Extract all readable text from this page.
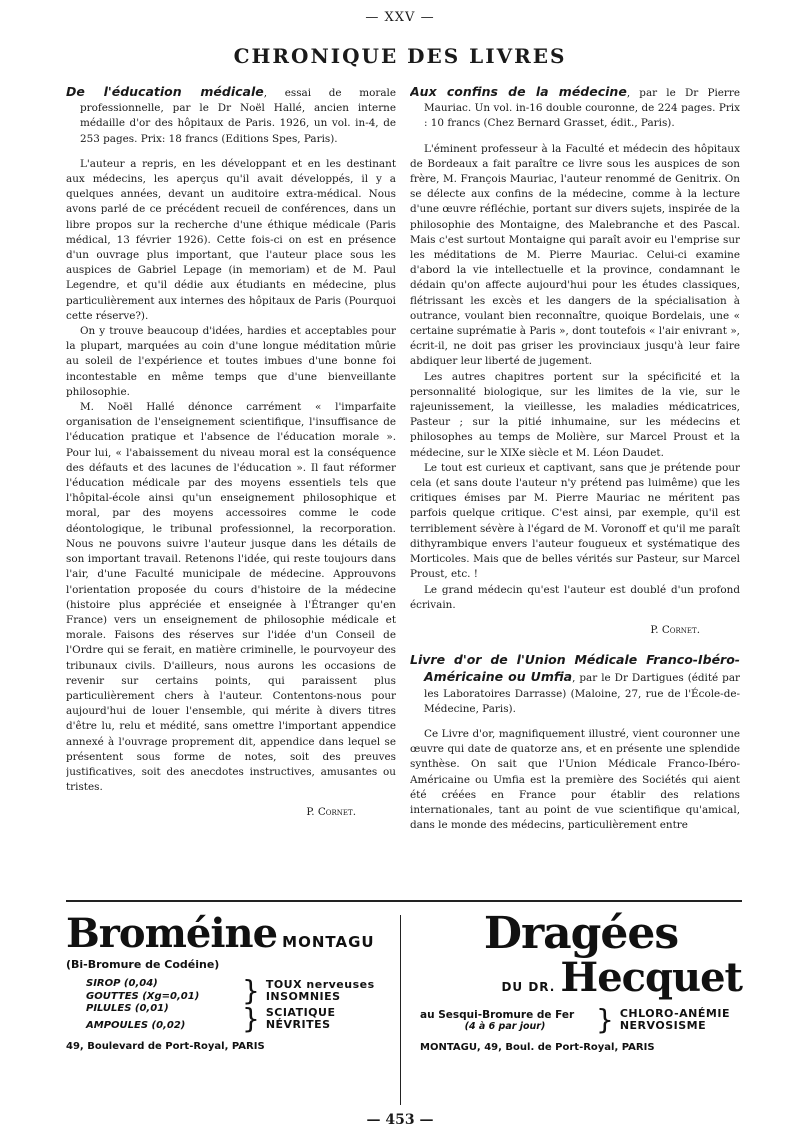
— XXV —
CHRONIQUE DES LIVRES

De l'éducation médicale, essai de morale professionnelle, par le Dr Noël Hallé, ancien interne médaille d'or des hôpitaux de Paris. 1926, un vol. in-4, de 253 pages. Prix: 18 francs (Editions Spes, Paris).

L'auteur a repris, en les développant et en les destinant aux médecins, les aperçus qu'il avait développés, il y a quelques années, devant un auditoire extra-médical. Nous avons parlé de ce précédent recueil de conférences, dans un libre propos sur la recherche d'une éthique médicale (Paris médical, 13 février 1926). Cette fois-ci on est en présence d'un ouvrage plus important, que l'auteur place sous les auspices de Gabriel Lepage (in memoriam) et de M. Paul Legendre, et qu'il dédie aux étudiants en médecine, plus particulièrement aux internes des hôpitaux de Paris (Pourquoi cette réserve?).

On y trouve beaucoup d'idées, hardies et acceptables pour la plupart, marquées au coin d'une longue méditation mûrie au soleil de l'expérience et toutes imbues d'une bonne foi incontestable en même temps que d'une bienveillante philosophie.

M. Noël Hallé dénonce carrément « l'imparfaite organisation de l'enseignement scientifique, l'insuffisance de l'éducation pratique et l'absence de l'éducation morale ». Pour lui, « l'abaissement du niveau moral est la conséquence des défauts et des lacunes de l'éducation ». Il faut réformer l'éducation médicale par des moyens essentiels tels que l'hôpital-école ainsi qu'un enseignement philosophique et moral, par des moyens accessoires comme le code déontologique, le tribunal professionnel, la recorporation. Nous ne pouvons suivre l'auteur jusque dans les détails de son important travail. Retenons l'idée, qui reste toujours dans l'air, d'une Faculté municipale de médecine. Approuvons l'orientation proposée du cours d'histoire de la médecine (histoire plus appréciée et enseignée à l'Étranger qu'en France) vers un enseignement de philosophie médicale et morale. Faisons des réserves sur l'idée d'un Conseil de l'Ordre qui se ferait, en matière criminelle, le pourvoyeur des tribunaux civils. D'ailleurs, nous aurons les occasions de revenir sur certains points, qui paraissent plus particulièrement chers à l'auteur. Contentons-nous pour aujourd'hui de louer l'ensemble, qui mérite à divers titres d'être lu, relu et médité, sans omettre l'important appendice annexé à l'ouvrage proprement dit, appendice dans lequel se présentent sous forme de notes, soit des preuves justificatives, soit des anecdotes instructives, amusantes ou tristes.

P. Cornet.

Aux confins de la médecine, par le Dr Pierre Mauriac. Un vol. in-16 double couronne, de 224 pages. Prix : 10 francs (Chez Bernard Grasset, édit., Paris).

L'éminent professeur à la Faculté et médecin des hôpitaux de Bordeaux a fait paraître ce livre sous les auspices de son frère, M. François Mauriac, l'auteur renommé de Genitrix. On se délecte aux confins de la médecine, comme à la lecture d'une œuvre réfléchie, portant sur divers sujets, inspirée de la philosophie des Montaigne, des Malebranche et des Pascal. Mais c'est surtout Montaigne qui paraît avoir eu l'emprise sur les méditations de M. Pierre Mauriac. Celui-ci examine d'abord la vie intellectuelle et la province, condamnant le dédain qu'on affecte aujourd'hui pour les études classiques, flétrissant les excès et les dangers de la spécialisation à outrance, voulant bien reconnaître, quoique Bordelais, une « certaine suprématie à Paris », dont toutefois « l'air enivrant », écrit-il, ne doit pas griser les provinciaux jusqu'à leur faire abdiquer leur liberté de jugement.

Les autres chapitres portent sur la spécificité et la personnalité biologique, sur les limites de la vie, sur le rajeunissement, la vieillesse, les maladies médicatrices, Pasteur ; sur la pitié inhumaine, sur les médecins et philosophes au temps de Molière, sur Marcel Proust et la médecine, sur le XIXe siècle et M. Léon Daudet.

Le tout est curieux et captivant, sans que je prétende pour cela (et sans doute l'auteur n'y prétend pas luimême) que les critiques émises par M. Pierre Mauriac ne méritent pas parfois quelque critique. C'est ainsi, par exemple, qu'il est terriblement sévère à l'égard de M. Voronoff et qu'il me paraît dithyrambique envers l'auteur fougueux et systématique des Morticoles. Mais que de belles vérités sur Pasteur, sur Marcel Proust, etc. !

Le grand médecin qu'est l'auteur est doublé d'un profond écrivain.

P. Cornet.

Livre d'or de l'Union Médicale Franco-Ibéro-Américaine ou Umfia, par le Dr Dartigues (édité par les Laboratoires Darrasse) (Maloine, 27, rue de l'École-de-Médecine, Paris).

Ce Livre d'or, magnifiquement illustré, vient couronner une œuvre qui date de quatorze ans, et en présente une splendide synthèse. On sait que l'Union Médicale Franco-Ibéro-Américaine ou Umfia est la première des Sociétés qui aient été créées en France pour établir des relations internationales, tant au point de vue scientifique qu'amical, dans le monde des médecins, particulièrement entre

Broméine MONTAGU
(Bi-Bromure de Codéine)
SIROP (0,04)
GOUTTES (Xg=0,01)
PILULES (0,01)
AMPOULES (0,02)
} TOUX nerveuses
INSOMNIES
} SCIATIQUE
NÉVRITES
49, Boulevard de Port-Royal, PARIS
Dragées
DU DR. Hecquet
au Sesqui-Bromure de Fer
(4 à 6 par jour)	} CHLORO-ANÉMIE
NERVOSISME
MONTAGU, 49, Boul. de Port-Royal, PARIS
— 453 —
